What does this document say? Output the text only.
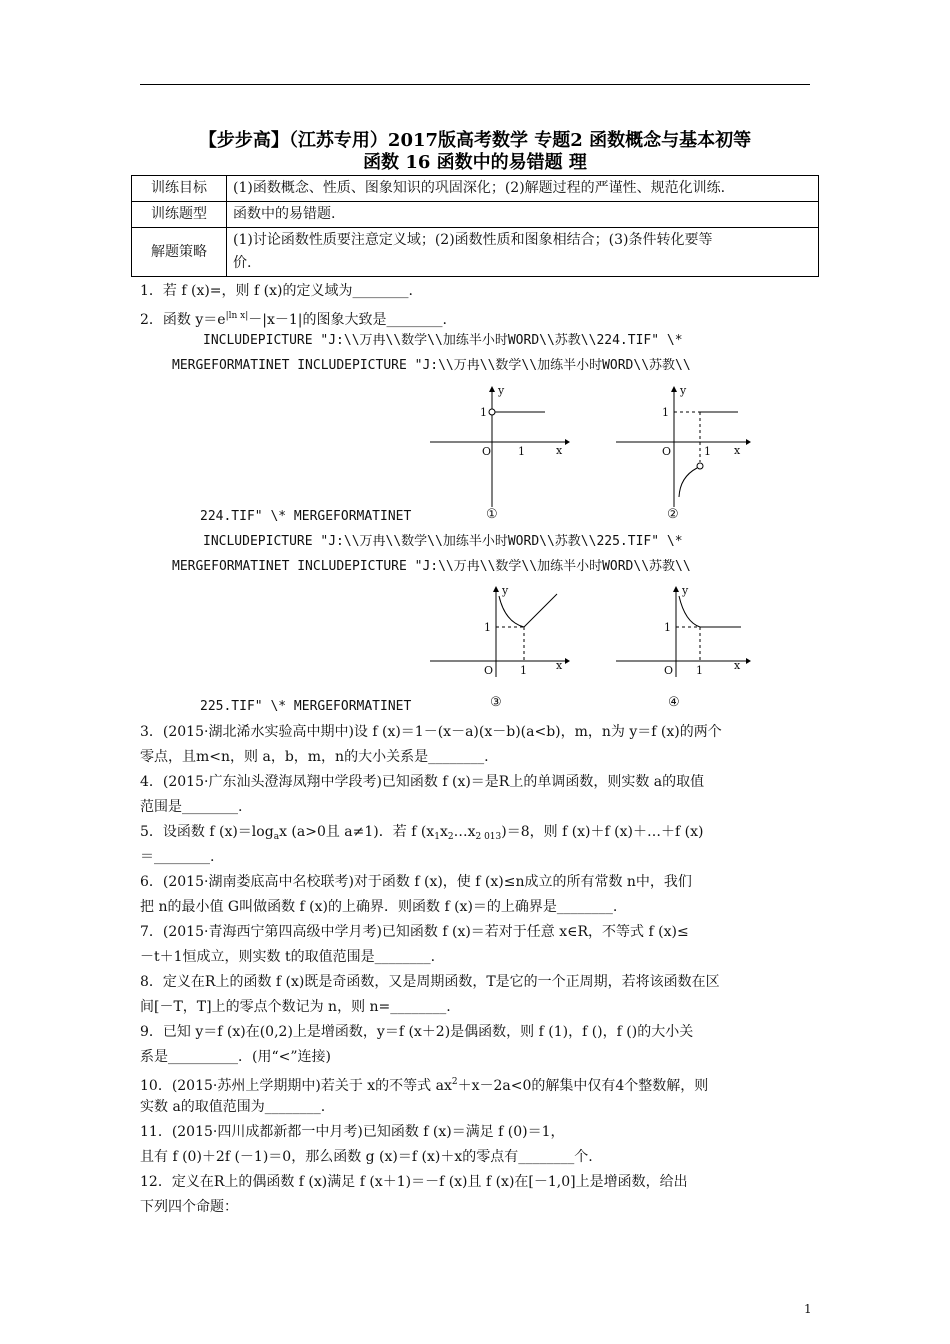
【步步高】（江苏专用）2017版高考数学 专题2 函数概念与基本初等
函数 16 函数中的易错题 理
训练目标	(1)函数概念、性质、图象知识的巩固深化；(2)解题过程的严谨性、规范化训练.
训练题型	函数中的易错题.
解题策略	(1)讨论函数性质要注意定义域；(2)函数性质和图象相结合；(3)条件转化要等
价.
1．若 f (x)=，则 f (x)的定义域为________.
2．函数 $y=e^{|ln x|}-|x-1|$的图象大致是________.
INCLUDEPICTURE "J:\\万冉\\数学\\加练半小时WORD\\苏教\\224.TIF" \*
MERGEFORMATINET INCLUDEPICTURE "J:\\万冉\\数学\\加练半小时WORD\\苏教\\
y
x
O
1
1
①
y
x
O
1
1
②
224.TIF" \* MERGEFORMATINET
INCLUDEPICTURE "J:\\万冉\\数学\\加练半小时WORD\\苏教\\225.TIF" \*
MERGEFORMATINET INCLUDEPICTURE "J:\\万冉\\数学\\加练半小时WORD\\苏教\\
y
x
O
1
1
③
y
x
O
1
1
④
225.TIF" \* MERGEFORMATINET
3．(2015·湖北浠水实验高中期中)设 f (x)＝1－(x－a)(x－b)(a<b)，m，n为 y＝f (x)的两个
零点，且m<n，则 a，b，m，n的大小关系是________.
4．(2015·广东汕头澄海凤翔中学段考)已知函数 f (x)＝是R上的单调函数，则实数 a的取值
范围是________.
5．设函数 f $(x)=\log_ax$ (a>0且 a≠1)．若 f $(x_1x_2\dots x_{2 013})=8$，则 f (x)＋f (x)＋…＋f (x)
＝________.
6．(2015·湖南娄底高中名校联考)对于函数 f (x)，使 f (x)≤n成立的所有常数 n中，我们
把 n的最小值 G叫做函数 f (x)的上确界．则函数 f (x)＝的上确界是________.
7．(2015·青海西宁第四高级中学月考)已知函数 f (x)＝若对于任意 x∈R，不等式 f (x)≤
－t＋1恒成立，则实数 t的取值范围是________.
8．定义在R上的函数 f (x)既是奇函数，又是周期函数，T是它的一个正周期，若将该函数在区
间[－T，T]上的零点个数记为 n，则 n=________.
9．已知 y＝f (x)在(0,2)上是增函数，y＝f (x＋2)是偶函数，则 f (1)，f ()，f ()的大小关
系是__________．(用“<”连接)
10．(2015·苏州上学期期中)若关于 x的不等式 $ax^2+x-2a<0$的解集中仅有4个整数解，则
实数 a的取值范围为________.
11．(2015·四川成都新都一中月考)已知函数 f (x)＝满足 f (0)＝1，
且有 f (0)＋2f (－1)＝0，那么函数 g (x)＝f (x)＋x的零点有________个.
12．定义在R上的偶函数 f (x)满足 f (x＋1)＝－f (x)且 f (x)在[－1,0]上是增函数，给出
下列四个命题：
1
